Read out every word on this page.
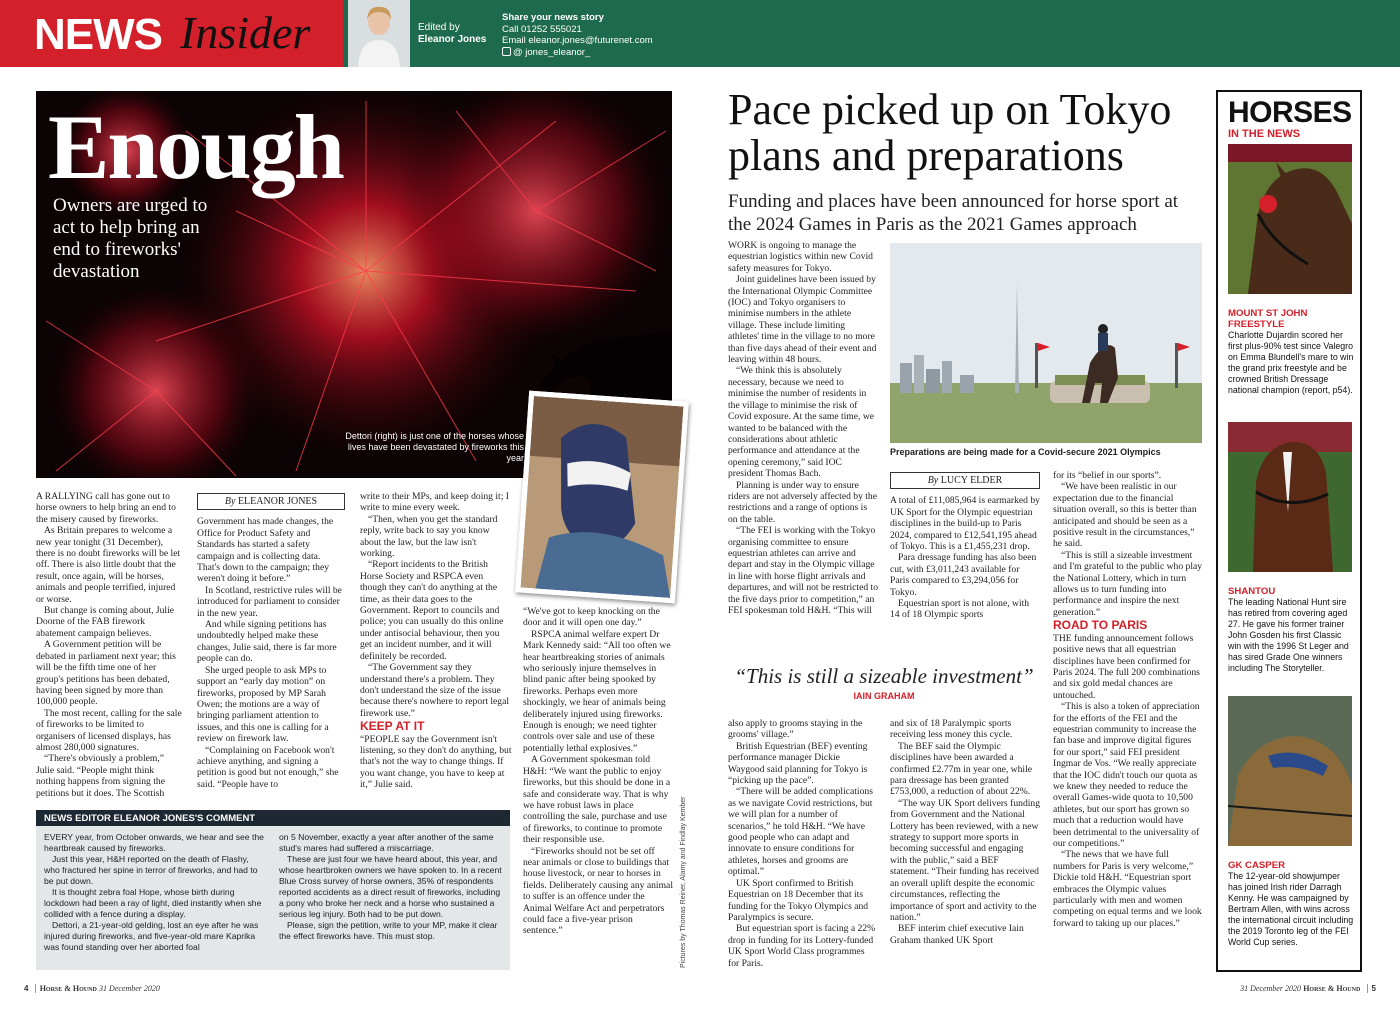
NEWS Insider	Edited by
Eleanor Jones
Share your news story
Call 01252 555021
Email eleanor.jones@futurenet.com
@ jones_eleanor_
Enough
Owners are urged to act to help bring an end to fireworks' devastation
Dettori (right) is just one of the horses whose lives have been devastated by fireworks this year

A RALLYING call has gone out to horse owners to help bring an end to the misery caused by fireworks.

As Britain prepares to welcome a new year tonight (31 December), there is no doubt fireworks will be let off. There is also little doubt that the result, once again, will be horses, animals and people terrified, injured or worse.

But change is coming about, Julie Doorne of the FAB firework abatement campaign believes.

A Government petition will be debated in parliament next year; this will be the fifth time one of her group's petitions has been debated, having been signed by more than 100,000 people.

The most recent, calling for the sale of fireworks to be limited to organisers of licensed displays, has almost 280,000 signatures.

“There's obviously a problem,” Julie said. “People might think nothing happens from signing the petitions but it does. The Scottish

By ELEANOR JONES

Government has made changes, the Office for Product Safety and Standards has started a safety campaign and is collecting data. That's down to the campaign; they weren't doing it before.”

In Scotland, restrictive rules will be introduced for parliament to consider in the new year.

And while signing petitions has undoubtedly helped make these changes, Julie said, there is far more people can do.

She urged people to ask MPs to support an “early day motion” on fireworks, proposed by MP Sarah Owen; the motions are a way of bringing parliament attention to issues, and this one is calling for a review on firework law.

“Complaining on Facebook won't achieve anything, and signing a petition is good but not enough,” she said. “People have to

write to their MPs, and keep doing it; I write to mine every week.

“Then, when you get the standard reply, write back to say you know about the law, but the law isn't working.

“Report incidents to the British Horse Society and RSPCA even though they can't do anything at the time, as their data goes to the Government. Report to councils and police; you can usually do this online under antisocial behaviour, then you get an incident number, and it will definitely be recorded.

“The Government say they understand there's a problem. They don't understand the size of the issue because there's nowhere to report legal firework use.”

KEEP AT IT

“PEOPLE say the Government isn't listening, so they don't do anything, but that's not the way to change things. If you want change, you have to keep at it,” Julie said.

“We've got to keep knocking on the door and it will open one day.”

RSPCA animal welfare expert Dr Mark Kennedy said: “All too often we hear heartbreaking stories of animals who seriously injure themselves in blind panic after being spooked by fireworks. Perhaps even more shockingly, we hear of animals being deliberately injured using fireworks. Enough is enough; we need tighter controls over sale and use of these potentially lethal explosives.”

A Government spokesman told H&H: “We want the public to enjoy fireworks, but this should be done in a safe and considerate way. That is why we have robust laws in place controlling the sale, purchase and use of fireworks, to continue to promote their responsible use.

“Fireworks should not be set off near animals or close to buildings that house livestock, or near to horses in fields. Deliberately causing any animal to suffer is an offence under the Animal Welfare Act and perpetrators could face a five-year prison sentence.”	Pictures by Thomas Reiner, Alamy and Findlay Kember
NEWS EDITOR ELEANOR JONES'S COMMENT

EVERY year, from October onwards, we hear and see the heartbreak caused by fireworks.

Just this year, H&H reported on the death of Flashy, who fractured her spine in terror of fireworks, and had to be put down.

It is thought zebra foal Hope, whose birth during lockdown had been a ray of light, died instantly when she collided with a fence during a display.

Dettori, a 21-year-old gelding, lost an eye after he was injured during fireworks, and five-year-old mare Kaprika was found standing over her aborted foal

on 5 November, exactly a year after another of the same stud's mares had suffered a miscarriage.

These are just four we have heard about, this year, and whose heartbroken owners we have spoken to. In a recent Blue Cross survey of horse owners, 35% of respondents reported accidents as a direct result of fireworks, including a pony who broke her neck and a horse who sustained a serious leg injury. Both had to be put down.

Please, sign the petition, write to your MP, make it clear the effect fireworks have. This must stop.

4 Horse & Hound 31 December 2020
Pace picked up on Tokyo
plans and preparations
Funding and places have been announced for horse sport at the 2024 Games in Paris as the 2021 Games approach
Preparations are being made for a Covid-secure 2021 Olympics

WORK is ongoing to manage the equestrian logistics within new Covid safety measures for Tokyo.

Joint guidelines have been issued by the International Olympic Committee (IOC) and Tokyo organisers to minimise numbers in the athlete village. These include limiting athletes' time in the village to no more than five days ahead of their event and leaving within 48 hours.

“We think this is absolutely necessary, because we need to minimise the number of residents in the village to minimise the risk of Covid exposure. At the same time, we wanted to be balanced with the considerations about athletic performance and attendance at the opening ceremony,” said IOC president Thomas Bach.

Planning is under way to ensure riders are not adversely affected by the restrictions and a range of options is on the table.

“The FEI is working with the Tokyo organising committee to ensure equestrian athletes can arrive and depart and stay in the Olympic village in line with horse flight arrivals and departures, and will not be restricted to the five days prior to competition,” an FEI spokesman told H&H. “This will

By LUCY ELDER

A total of £11,085,964 is earmarked by UK Sport for the Olympic equestrian disciplines in the build-up to Paris 2024, compared to £12,541,195 ahead of Tokyo. This is a £1,455,231 drop.

Para dressage funding has also been cut, with £3,011,243 available for Paris compared to £3,294,056 for Tokyo.

Equestrian sport is not alone, with 14 of 18 Olympic sports

for its “belief in our sports”.

“We have been realistic in our expectation due to the financial situation overall, so this is better than anticipated and should be seen as a positive result in the circumstances,” he said.

“This is still a sizeable investment and I'm grateful to the public who play the National Lottery, which in turn allows us to turn funding into performance and inspire the next generation.”

ROAD TO PARIS

THE funding announcement follows positive news that all equestrian disciplines have been confirmed for Paris 2024. The full 200 combinations and six gold medal chances are untouched.

“This is also a token of appreciation for the efforts of the FEI and the equestrian community to increase the fan base and improve digital figures for our sport,” said FEI president Ingmar de Vos. “We really appreciate that the IOC didn't touch our quota as we knew they needed to reduce the overall Games-wide quota to 10,500 athletes, but our sport has grown so much that a reduction would have been detrimental to the universality of our competitions.”

“The news that we have full numbers for Paris is very welcome,” Dickie told H&H. “Equestrian sport embraces the Olympic values particularly with men and women competing on equal terms and we look forward to taking up our places.”

“This is still a sizeable investment”
IAIN GRAHAM

also apply to grooms staying in the grooms' village.”

British Equestrian (BEF) eventing performance manager Dickie Waygood said planning for Tokyo is “picking up the pace”.

“There will be added complications as we navigate Covid restrictions, but we will plan for a number of scenarios,” he told H&H. “We have good people who can adapt and innovate to ensure conditions for athletes, horses and grooms are optimal.”

UK Sport confirmed to British Equestrian on 18 December that its funding for the Tokyo Olympics and Paralympics is secure.

But equestrian sport is facing a 22% drop in funding for its Lottery-funded UK Sport World Class programmes for Paris.

and six of 18 Paralympic sports receiving less money this cycle.

The BEF said the Olympic disciplines have been awarded a confirmed £2.77m in year one, while para dressage has been granted £753,000, a reduction of about 22%.

“The way UK Sport delivers funding from Government and the National Lottery has been reviewed, with a new strategy to support more sports in becoming successful and engaging with the public,” said a BEF statement. “Their funding has received an overall uplift despite the economic circumstances, reflecting the importance of sport and activity to the nation.”

BEF interim chief executive Iain Graham thanked UK Sport

HORSES
IN THE NEWS
MOUNT ST JOHN
FREESTYLE
Charlotte Dujardin scored her first plus-90% test since Valegro on Emma Blundell's mare to win the grand prix freestyle and be crowned British Dressage national champion (report, p54).
SHANTOU
The leading National Hunt sire has retired from covering aged 27. He gave his former trainer John Gosden his first Classic win with the 1996 St Leger and has sired Grade One winners including The Storyteller.
GK CASPER
The 12-year-old showjumper has joined Irish rider Darragh Kenny. He was campaigned by Bertram Allen, with wins across the international circuit including the 2019 Toronto leg of the FEI World Cup series.
31 December 2020 Horse & Hound 5
